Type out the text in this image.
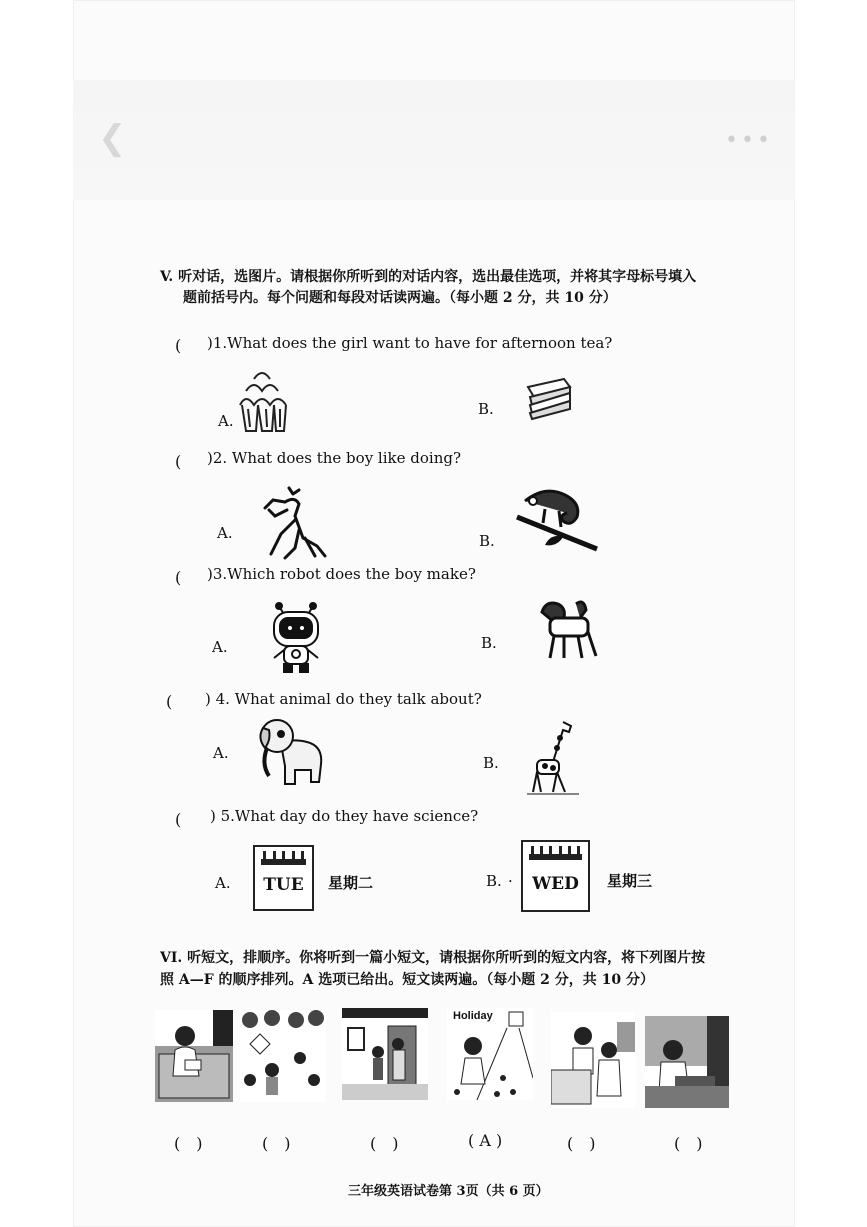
❮	•••
V. 听对话，选图片。请根据你所听到的对话内容，选出最佳选项，并将其字母标号填入
题前括号内。每个问题和每段对话读两遍。（每小题 2 分，共 10 分）
( )1.What does the girl want to have for afternoon tea?
A.
B.
( )2. What does the boy like doing?
A.	B.
( )3.Which robot does the boy make?
A.	B.
( ) 4. What animal do they talk about?
A.
B.
( ) 5.What day do they have science?
A.	TUE	星期二	B. ·	WED	星期三
VI. 听短文，排顺序。你将听到一篇小短文，请根据你所听到的短文内容，将下列图片按
照 A—F 的顺序排列。A 选项已给出。短文读两遍。（每小题 2 分，共 10 分）
Holiday
(　)	(　)	(　)	( A )	(　)	(　)
三年级英语试卷第 3页（共 6 页）
